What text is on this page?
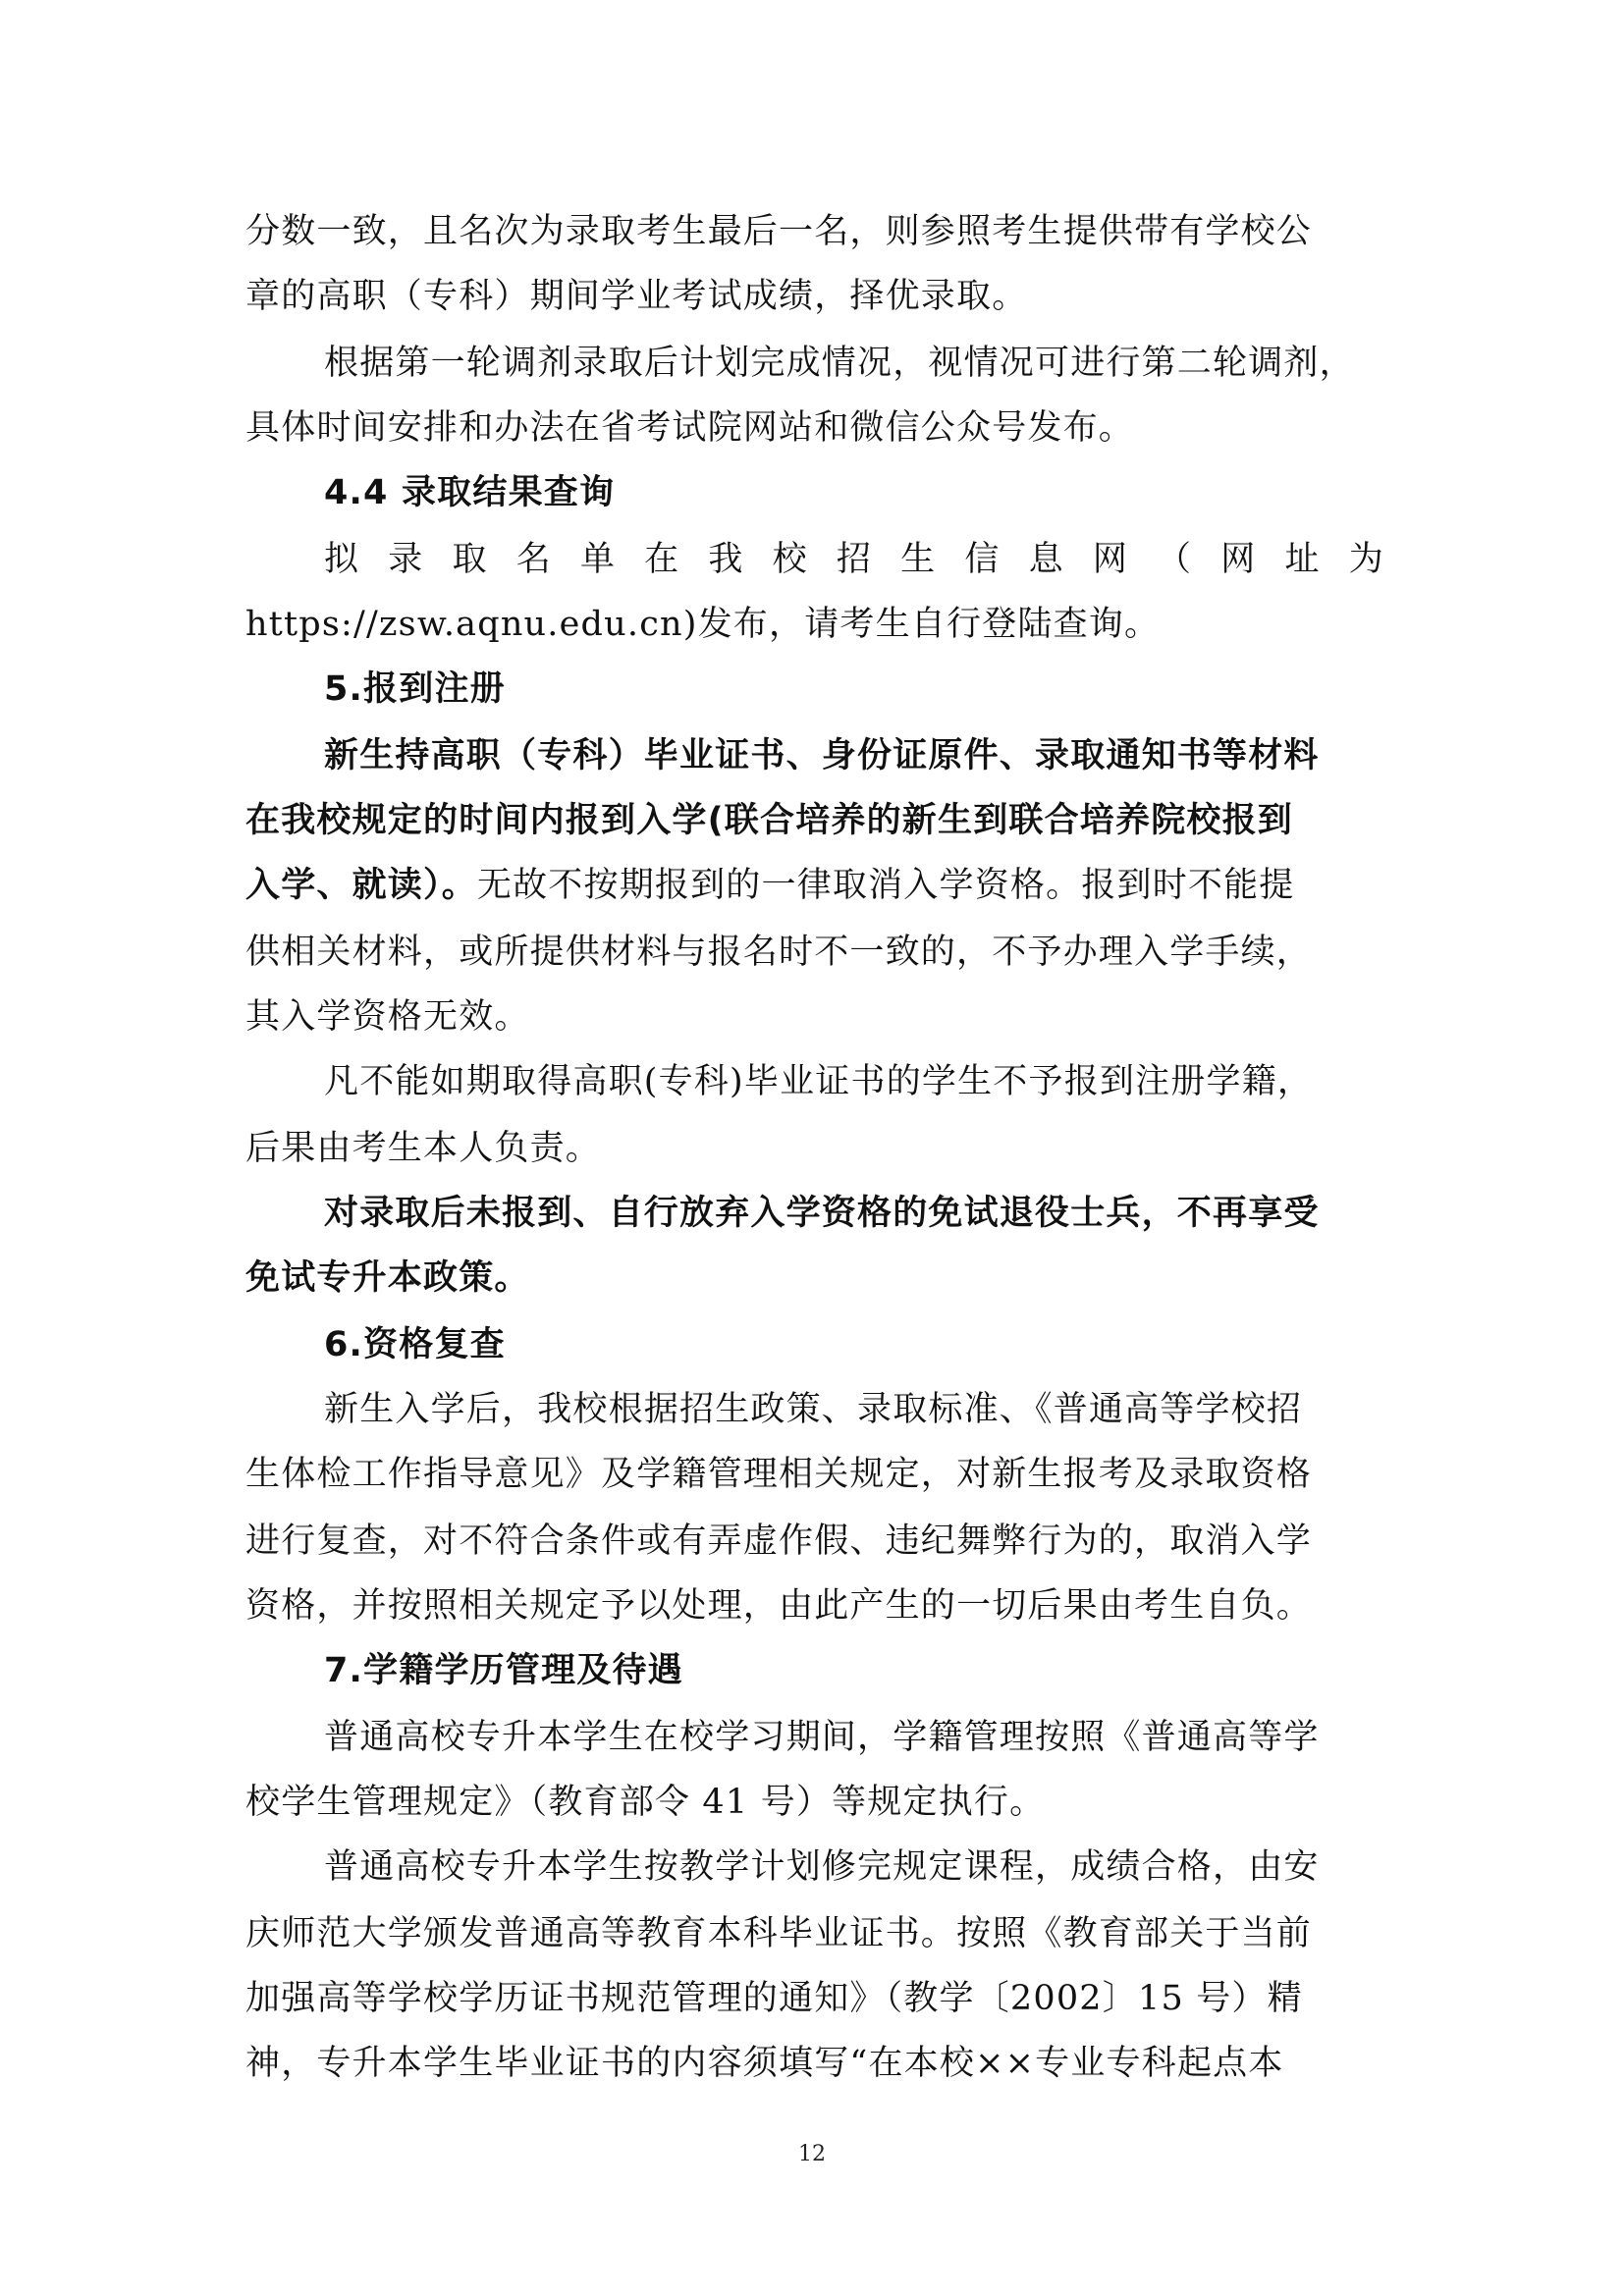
分数一致，且名次为录取考生最后一名，则参照考生提供带有学校公
章的高职（专科）期间学业考试成绩，择优录取。
根据第一轮调剂录取后计划完成情况，视情况可进行第二轮调剂，
具体时间安排和办法在省考试院网站和微信公众号发布。
4.4 录取结果查询
拟 录 取 名 单 在 我 校 招 生 信 息 网 （ 网 址 为
https://zsw.aqnu.edu.cn)发布，请考生自行登陆查询。
5.报到注册
新生持高职（专科）毕业证书、身份证原件、录取通知书等材料
在我校规定的时间内报到入学(联合培养的新生到联合培养院校报到
入学、就读）。无故不按期报到的一律取消入学资格。报到时不能提
供相关材料，或所提供材料与报名时不一致的，不予办理入学手续，
其入学资格无效。
凡不能如期取得高职(专科)毕业证书的学生不予报到注册学籍，
后果由考生本人负责。
对录取后未报到、自行放弃入学资格的免试退役士兵，不再享受
免试专升本政策。
6.资格复查
新生入学后，我校根据招生政策、录取标准、《普通高等学校招
生体检工作指导意见》及学籍管理相关规定，对新生报考及录取资格
进行复查，对不符合条件或有弄虚作假、违纪舞弊行为的，取消入学
资格，并按照相关规定予以处理，由此产生的一切后果由考生自负。
7.学籍学历管理及待遇
普通高校专升本学生在校学习期间，学籍管理按照《普通高等学
校学生管理规定》（教育部令 41 号）等规定执行。
普通高校专升本学生按教学计划修完规定课程，成绩合格，由安
庆师范大学颁发普通高等教育本科毕业证书。按照《教育部关于当前
加强高等学校学历证书规范管理的通知》（教学〔2002〕15 号）精
神，专升本学生毕业证书的内容须填写“在本校××专业专科起点本
12
